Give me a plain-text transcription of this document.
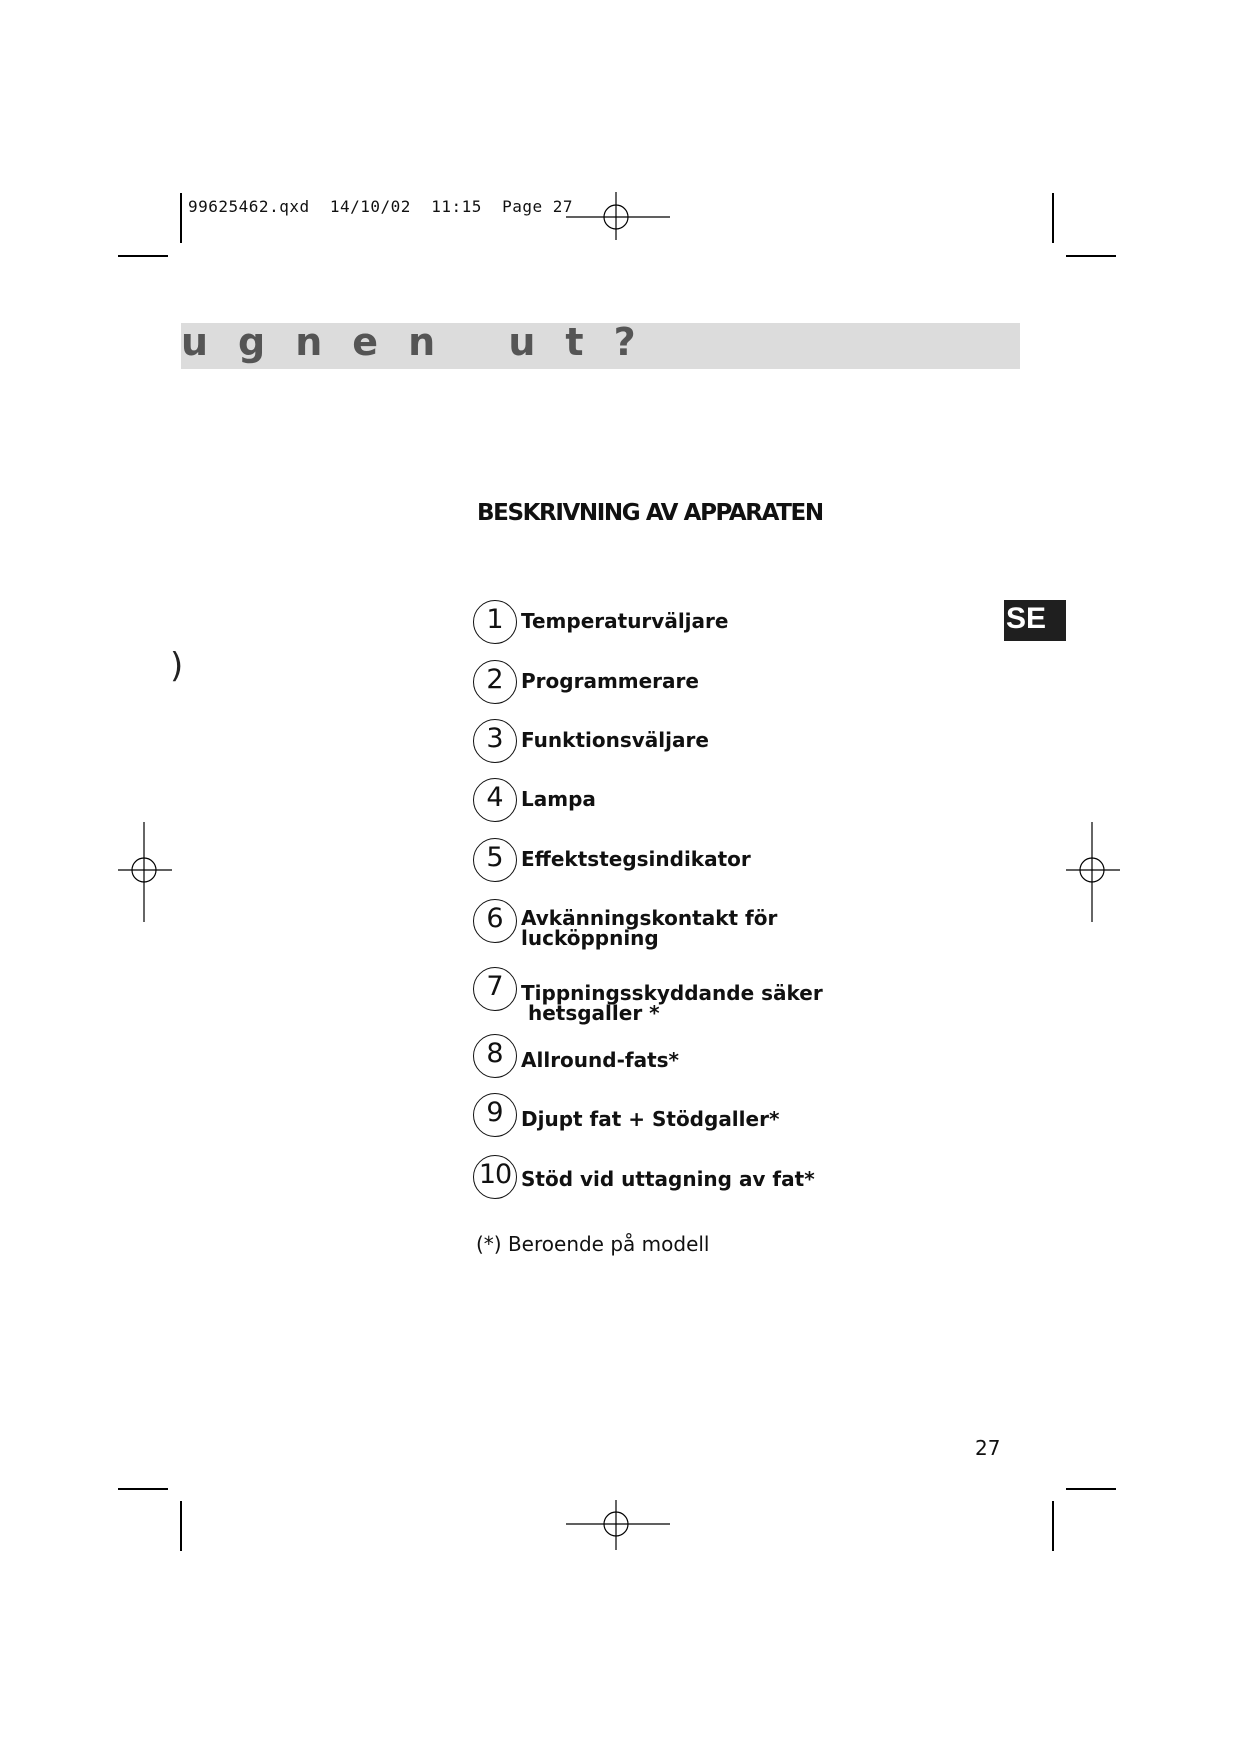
99625462.qxd 14/10/02 11:15 Page 27
ugnen ut?
)
BESKRIVNING AV APPARATEN
SE
1 Temperaturväljare
2 Programmerare
3 Funktionsväljare
4 Lampa
5 Effektstegsindikator
6 Avkänningskontakt för
lucköppning
7 Tippningsskyddande säker
hetsgaller *
8 Allround-fats*
9 Djupt fat + Stödgaller*
10 Stöd vid uttagning av fat*
(*) Beroende på modell
27
